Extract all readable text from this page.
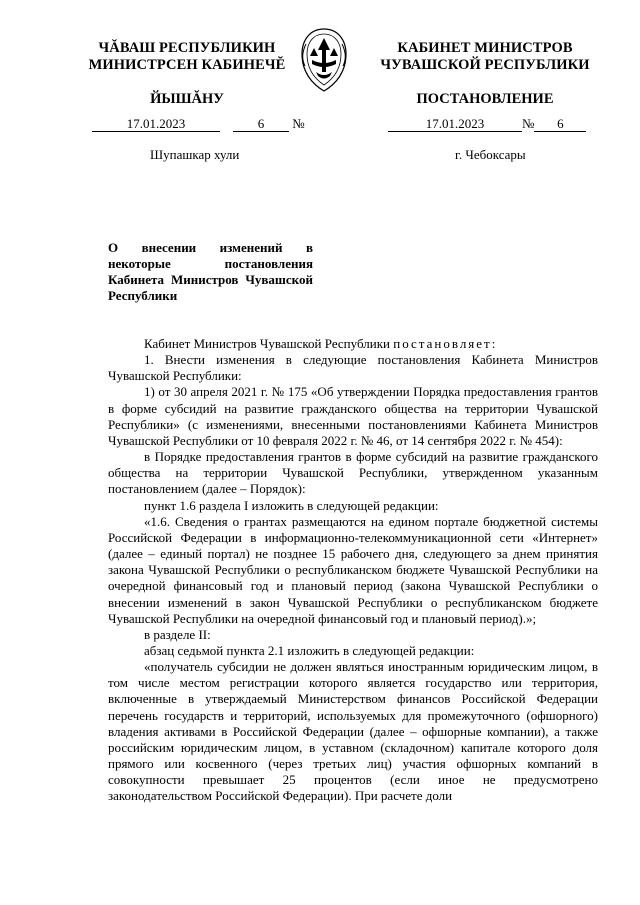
ЧĂВАШ РЕСПУБЛИКИН
МИНИСТРСЕН КАБИНЕЧĔ
ЙЫШĂНУ
КАБИНЕТ МИНИСТРОВ
ЧУВАШСКОЙ РЕСПУБЛИКИ
ПОСТАНОВЛЕНИЕ
17.01.2023	6 №	17.01.2023	№ 6
Шупашкар хули	г. Чебоксары
О внесении изменений в некоторые постановления Кабинета Министров Чувашской Республики

Кабинет Министров Чувашской Республики постановляет:

1. Внести изменения в следующие постановления Кабинета Министров Чувашской Республики:

1) от 30 апреля 2021 г. № 175 «Об утверждении Порядка предоставления грантов в форме субсидий на развитие гражданского общества на территории Чувашской Республики» (с изменениями, внесенными постановлениями Кабинета Министров Чувашской Республики от 10 февраля 2022 г. № 46, от 14 сентября 2022 г. № 454):

в Порядке предоставления грантов в форме субсидий на развитие гражданского общества на территории Чувашской Республики, утвержденном указанным постановлением (далее – Порядок):

пункт 1.6 раздела I изложить в следующей редакции:

«1.6. Сведения о грантах размещаются на едином портале бюджетной системы Российской Федерации в информационно-телекоммуникационной сети «Интернет» (далее – единый портал) не позднее 15 рабочего дня, следующего за днем принятия закона Чувашской Республики о республиканском бюджете Чувашской Республики на очередной финансовый год и плановый период (закона Чувашской Республики о внесении изменений в закон Чувашской Республики о республиканском бюджете Чувашской Республики на очередной финансовый год и плановый период).»;

в разделе II:

абзац седьмой пункта 2.1 изложить в следующей редакции:

«получатель субсидии не должен являться иностранным юридическим лицом, в том числе местом регистрации которого является государство или территория, включенные в утверждаемый Министерством финансов Российской Федерации перечень государств и территорий, используемых для промежуточного (офшорного) владения активами в Российской Федерации (далее – офшорные компании), а также российским юридическим лицом, в уставном (складочном) капитале которого доля прямого или косвенного (через третьих лиц) участия офшорных компаний в совокупности превышает 25 процентов (если иное не предусмотрено законодательством Российской Федерации). При расчете доли
